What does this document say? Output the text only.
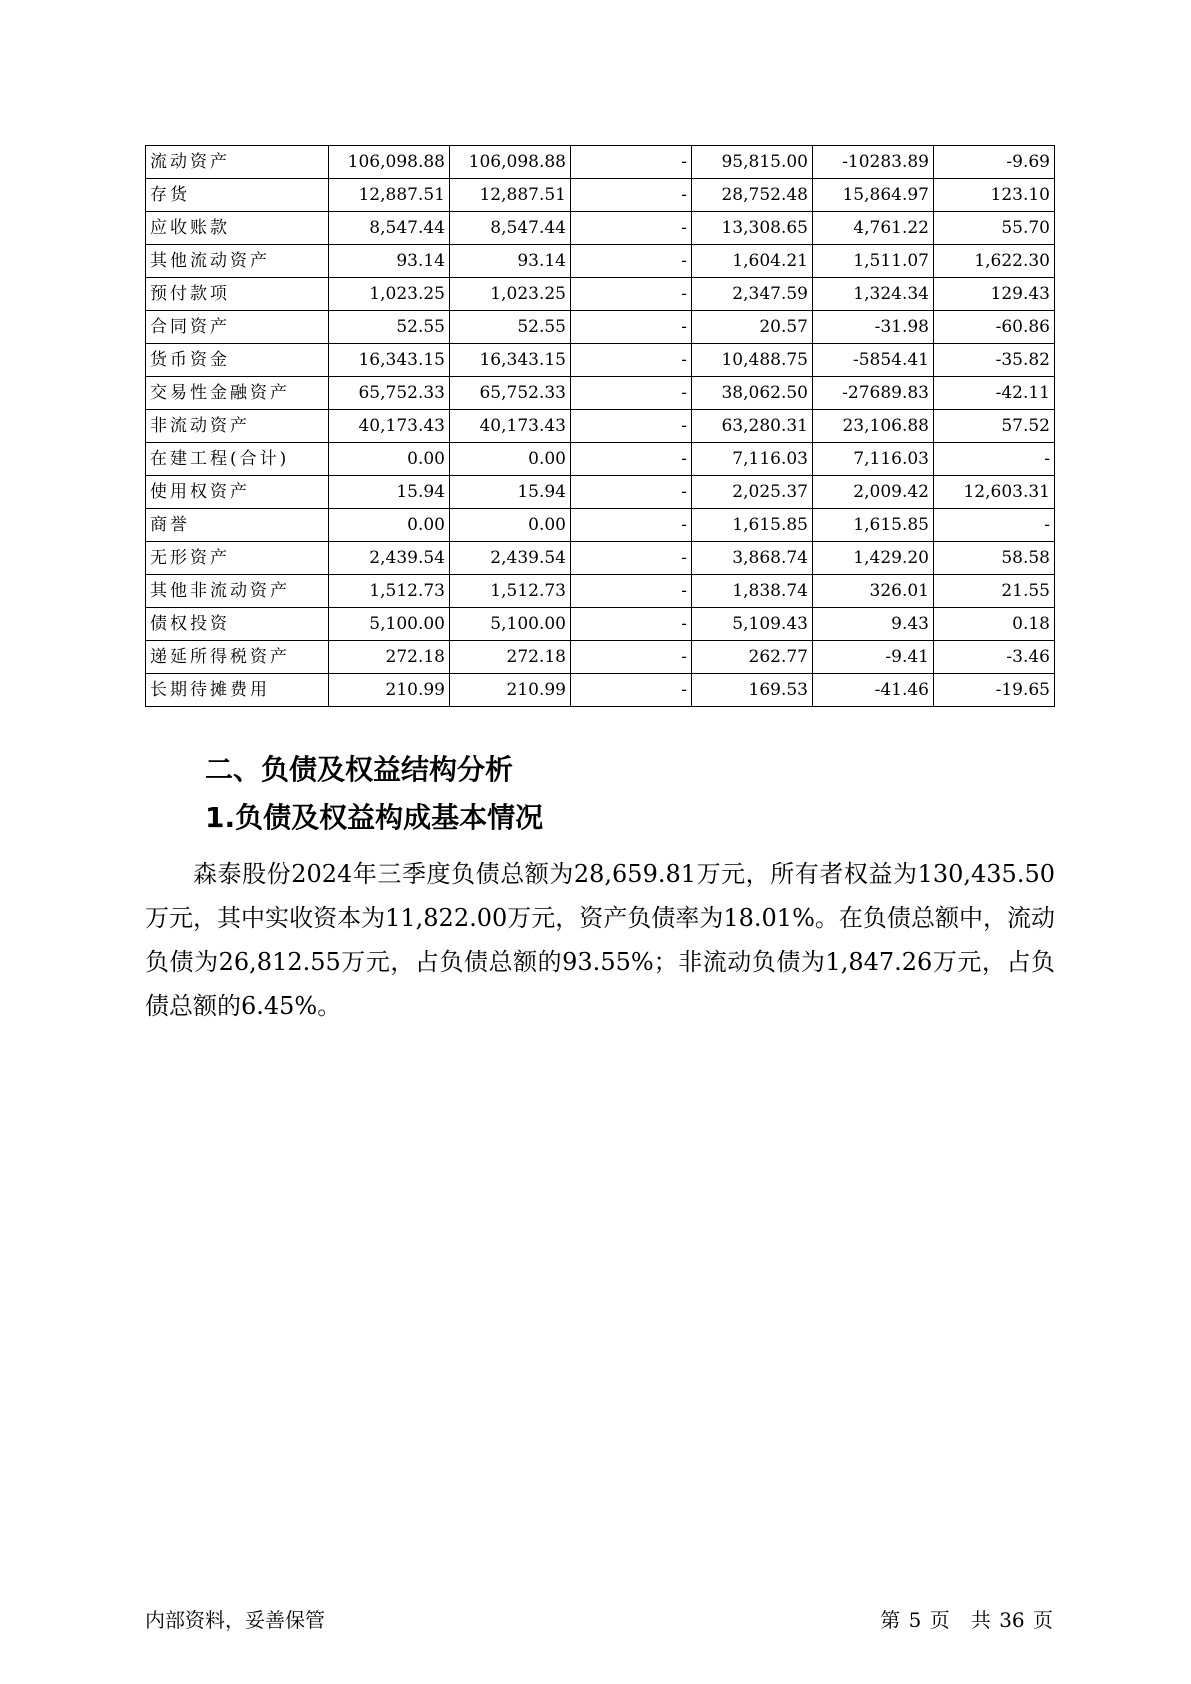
流动资产	106,098.88	106,098.88	-	95,815.00	-10283.89	-9.69
存货	12,887.51	12,887.51	-	28,752.48	15,864.97	123.10
应收账款	8,547.44	8,547.44	-	13,308.65	4,761.22	55.70
其他流动资产	93.14	93.14	-	1,604.21	1,511.07	1,622.30
预付款项	1,023.25	1,023.25	-	2,347.59	1,324.34	129.43
合同资产	52.55	52.55	-	20.57	-31.98	-60.86
货币资金	16,343.15	16,343.15	-	10,488.75	-5854.41	-35.82
交易性金融资产	65,752.33	65,752.33	-	38,062.50	-27689.83	-42.11
非流动资产	40,173.43	40,173.43	-	63,280.31	23,106.88	57.52
在建工程(合计)	0.00	0.00	-	7,116.03	7,116.03	-
使用权资产	15.94	15.94	-	2,025.37	2,009.42	12,603.31
商誉	0.00	0.00	-	1,615.85	1,615.85	-
无形资产	2,439.54	2,439.54	-	3,868.74	1,429.20	58.58
其他非流动资产	1,512.73	1,512.73	-	1,838.74	326.01	21.55
债权投资	5,100.00	5,100.00	-	5,109.43	9.43	0.18
递延所得税资产	272.18	272.18	-	262.77	-9.41	-3.46
长期待摊费用	210.99	210.99	-	169.53	-41.46	-19.65
二、负债及权益结构分析
1.负债及权益构成基本情况

森泰股份2024年三季度负债总额为28,659.81万元，所有者权益为130,435.50万元，其中实收资本为11,822.00万元，资产负债率为18.01%。在负债总额中，流动负债为26,812.55万元，占负债总额的93.55%；非流动负债为1,847.26万元，占负债总额的6.45%。

内部资料，妥善保管	第 5 页 共 36 页
